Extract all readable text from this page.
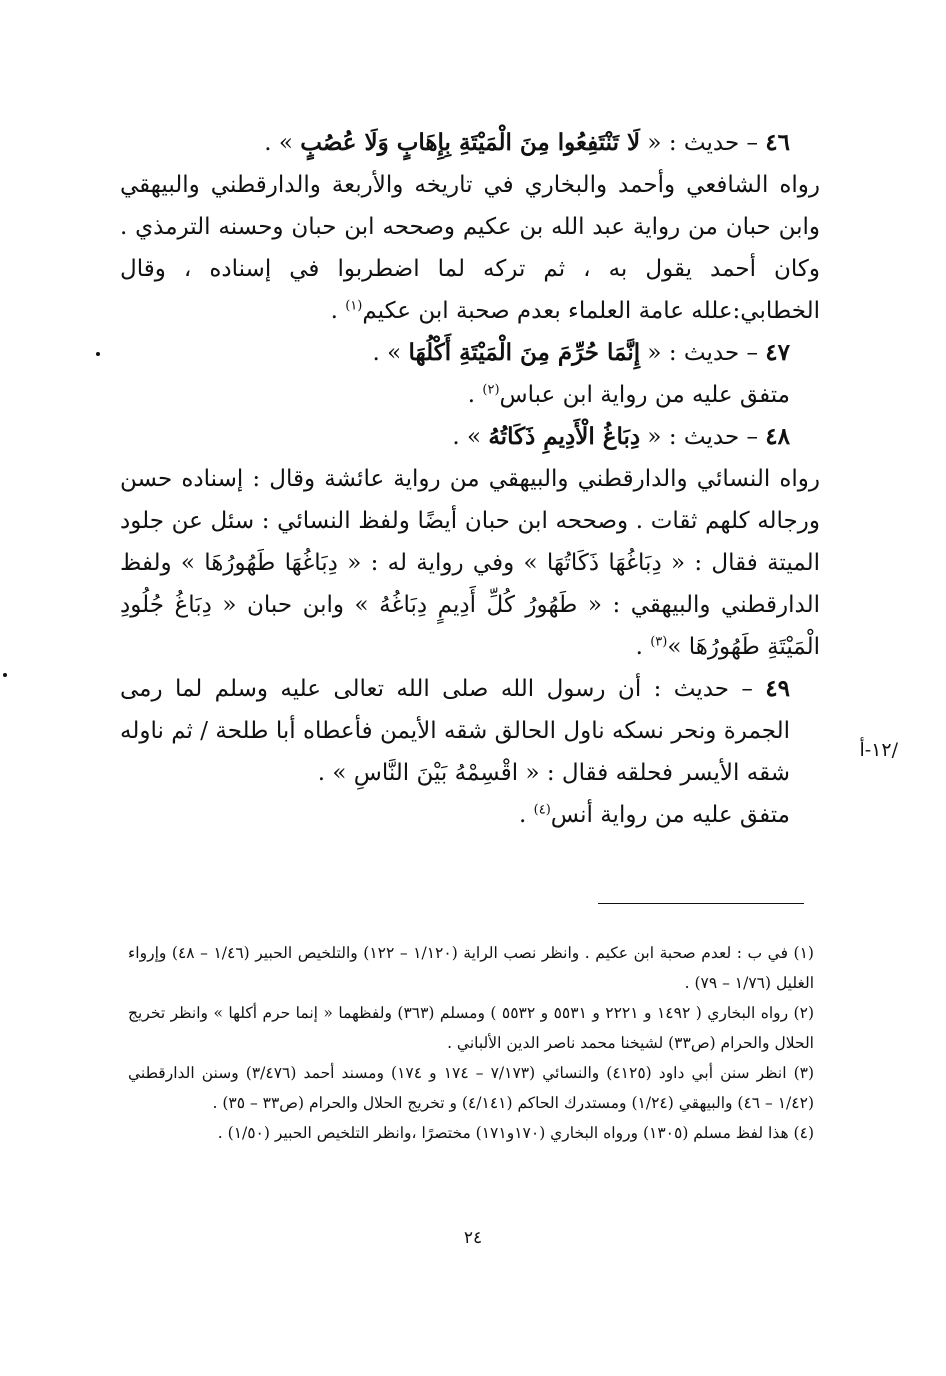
٤٦ – حديث : « لَا تَنْتَفِعُوا مِنَ الْمَيْتَةِ بِإِهَابٍ وَلَا عُصُبٍ » .

رواه الشافعي وأحمد والبخاري في تاريخه والأربعة والدارقطني والبيهقي وابن حبان من رواية عبد الله بن عكيم وصححه ابن حبان وحسنه الترمذي . وكان أحمد يقول به ، ثم تركه لما اضطربوا في إسناده ، وقال الخطابي:علله عامة العلماء بعدم صحبة ابن عكيم$^{(١)}$ .

٤٧ – حديث : « إِنَّمَا حُرِّمَ مِنَ الْمَيْتَةِ أَكْلُهَا » .

متفق عليه من رواية ابن عباس$^{(٢)}$ .

٤٨ – حديث : « دِبَاغُ الْأَدِيمِ ذَكَاتُهُ » .

رواه النسائي والدارقطني والبيهقي من رواية عائشة وقال : إسناده حسن ورجاله كلهم ثقات . وصححه ابن حبان أيضًا ولفظ النسائي : سئل عن جلود الميتة فقال : « دِبَاغُهَا ذَكَاتُهَا » وفي رواية له : « دِبَاغُهَا طَهُورُهَا » ولفظ الدارقطني والبيهقي : « طَهُورُ كُلِّ أَدِيمٍ دِبَاغُهُ » وابن حبان « دِبَاغُ جُلُودِ الْمَيْتَةِ طَهُورُهَا »$^{(٣)}$ .

٤٩ – حديث : أن رسول الله صلى الله تعالى عليه وسلم لما رمى الجمرة ونحر نسكه ناول الحالق شقه الأيمن فأعطاه أبا طلحة / ثم ناوله شقه الأيسر فحلقه فقال : « اقْسِمْهُ بَيْنَ النَّاسِ » .

متفق عليه من رواية أنس$^{(٤)}$ .

/١٢-أ

(١) في ب : لعدم صحبة ابن عكيم . وانظر نصب الراية (١/١٢٠ – ١٢٢) والتلخيص الحبير (١/٤٦ – ٤٨) وإرواء الغليل (١/٧٦ – ٧٩) .

(٢) رواه البخاري ( ١٤٩٢ و ٢٢٢١ و ٥٥٣١ و ٥٥٣٢ ) ومسلم (٣٦٣) ولفظهما « إنما حرم أكلها » وانظر تخريج الحلال والحرام (ص٣٣) لشيخنا محمد ناصر الدين الألباني .

(٣) انظر سنن أبي داود (٤١٢٥) والنسائي (٧/١٧٣ – ١٧٤ و ١٧٤) ومسند أحمد (٣/٤٧٦) وسنن الدارقطني (١/٤٢ – ٤٦) والبيهقي (١/٢٤) ومستدرك الحاكم (٤/١٤١) و تخريج الحلال والحرام (ص٣٣ – ٣٥) .

(٤) هذا لفظ مسلم (١٣٠٥) ورواه البخاري (١٧٠و١٧١) مختصرًا ،وانظر التلخيص الحبير (١/٥٠) .

٢٤
